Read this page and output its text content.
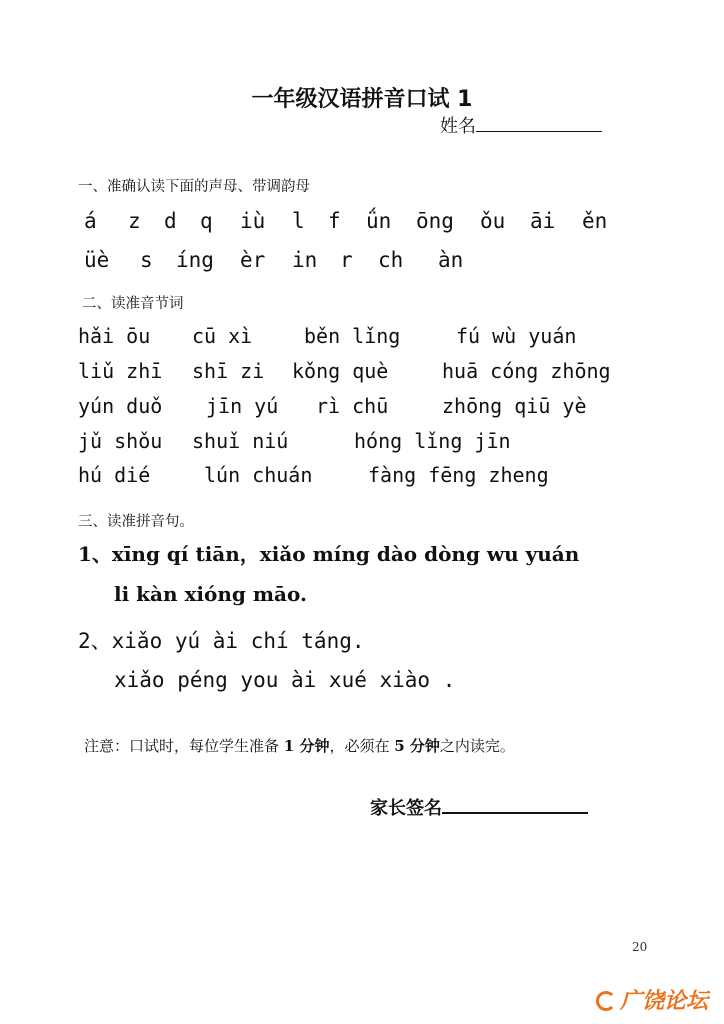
一年级汉语拼音口试 1
姓名
一、准确认读下面的声母、带调韵母
á z d q iù l f ǘn ōng ǒu āi ěn
üè s íng èr in r ch àn
二、读准音节词
hǎi ōu cū xì	běn lǐng	fú wù yuán
liǔ zhī shī zi kǒng què	huā cóng zhōng
yún duǒ jīn yú rì chū	zhōng qiū yè
jǔ shǒu shuǐ niú	hóng lǐng jīn
hú dié	lún chuán	fàng fēng zheng
三、读准拼音句。
1、xīng qí tiān，xiǎo míng dào dòng wu yuán
li kàn xióng māo.
2、xiǎo yú ài chí táng.
xiǎo péng you ài xué xiào .
注意：口试时，每位学生准备 1 分钟，必须在 5 分钟之内读完。
家长签名
20
广饶论坛
